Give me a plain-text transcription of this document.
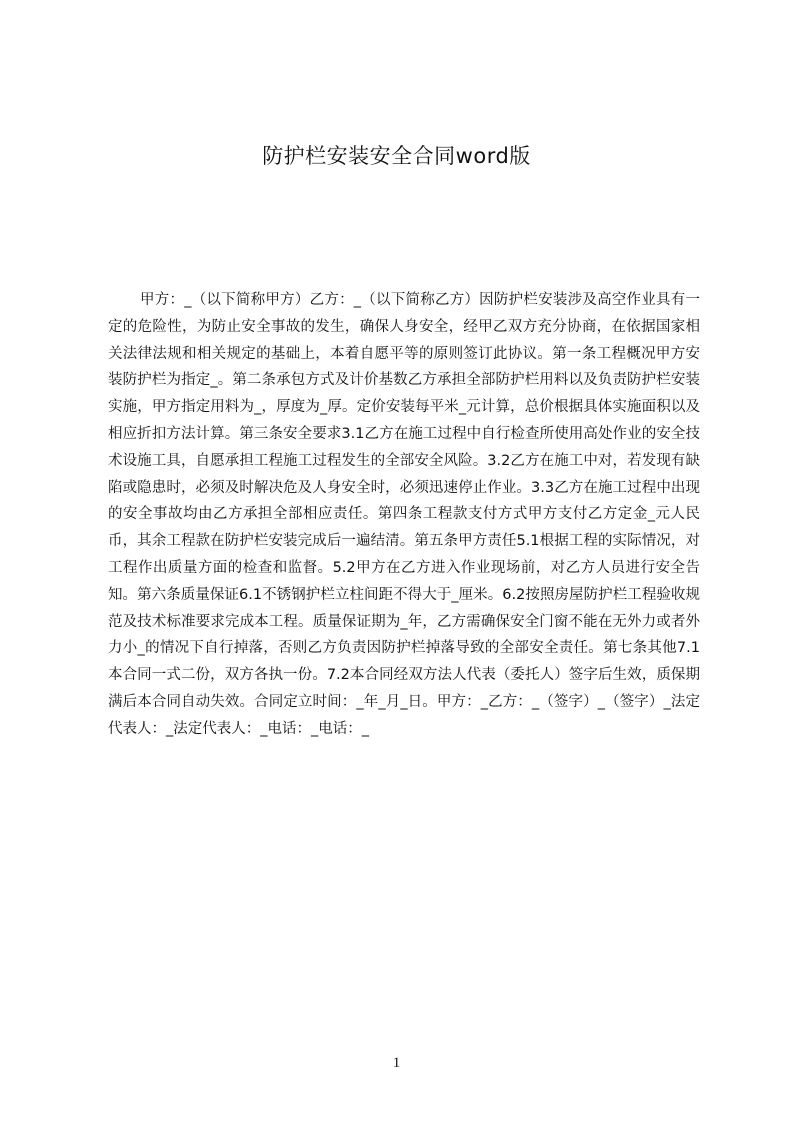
防护栏安装安全合同word版

甲方：_（以下简称甲方）乙方：_（以下简称乙方）因防护栏安装涉及高空作业具有一定的危险性，为防止安全事故的发生，确保人身安全，经甲乙双方充分协商，在依据国家相关法律法规和相关规定的基础上，本着自愿平等的原则签订此协议。第一条工程概况甲方安装防护栏为指定_。第二条承包方式及计价基数乙方承担全部防护栏用料以及负责防护栏安装实施，甲方指定用料为_，厚度为_厚。定价安装每平米_元计算，总价根据具体实施面积以及相应折扣方法计算。第三条安全要求3.1乙方在施工过程中自行检查所使用高处作业的安全技术设施工具，自愿承担工程施工过程发生的全部安全风险。3.2乙方在施工中对，若发现有缺陷或隐患时，必须及时解决危及人身安全时，必须迅速停止作业。3.3乙方在施工过程中出现的安全事故均由乙方承担全部相应责任。第四条工程款支付方式甲方支付乙方定金_元人民币，其余工程款在防护栏安装完成后一遍结清。第五条甲方责任5.1根据工程的实际情况，对工程作出质量方面的检查和监督。5.2甲方在乙方进入作业现场前，对乙方人员进行安全告知。第六条质量保证6.1不锈钢护栏立柱间距不得大于_厘米。6.2按照房屋防护栏工程验收规范及技术标准要求完成本工程。质量保证期为_年，乙方需确保安全门窗不能在无外力或者外力小_的情况下自行掉落，否则乙方负责因防护栏掉落导致的全部安全责任。第七条其他7.1本合同一式二份，双方各执一份。7.2本合同经双方法人代表（委托人）签字后生效，质保期满后本合同自动失效。合同定立时间：_年_月_日。甲方：_乙方：_（签字）_（签字）_法定代表人：_法定代表人：_电话：_电话：_

1
